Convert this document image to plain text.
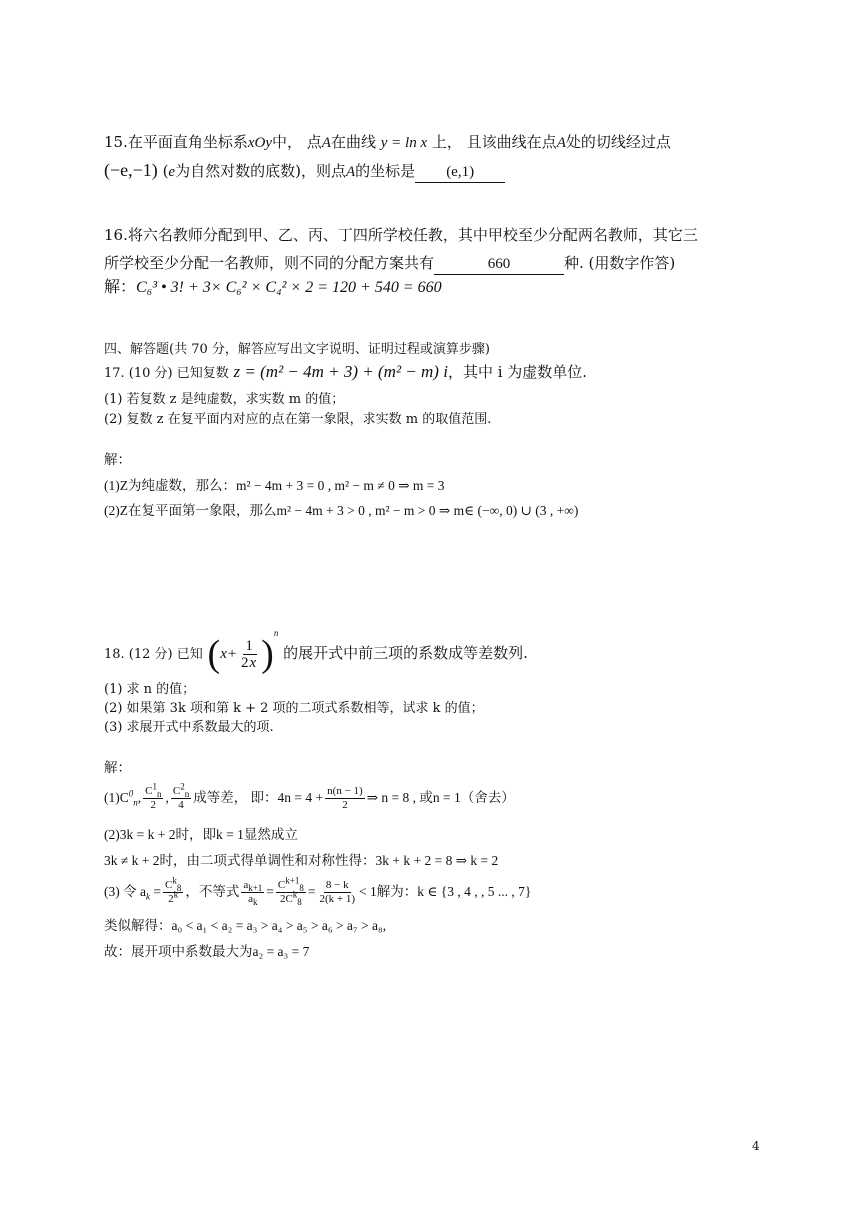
15.在平面直角坐标系xOy中， 点A在曲线 y = ln x 上， 且该曲线在点A处的切线经过点
(−e,−1) (e为自然对数的底数)，则点A的坐标是 (e,1)
16.将六名教师分配到甲、乙、丙、丁四所学校任教，其中甲校至少分配两名教师，其它三
所学校至少分配一名教师，则不同的分配方案共有	660	种. (用数字作答)
解：C₆³ • 3! + 3× C₆² × C₄² × 2 = 120 + 540 = 660
四、解答题(共 70 分，解答应写出文字说明、证明过程或演算步骤)
17. (10 分) 已知复数 z = (m² − 4m + 3) + (m² − m) i，其中 i 为虚数单位.
(1) 若复数 z 是纯虚数，求实数 m 的值；
(2) 复数 z 在复平面内对应的点在第一象限，求实数 m 的取值范围.
解：
(1)Z为纯虚数，那么：m² − 4m + 3 = 0 , m² − m ≠ 0 ⇒ m = 3
(2)Z在复平面第一象限，那么m² − 4m + 3 > 0 , m² − m > 0 ⇒ m∈ (−∞, 0) ∪ (3 , +∞)
18. (12 分) 已知 $(x+ \frac{1}{2x} )^n$ 的展开式中前三项的系数成等差数列.
(1) 求 n 的值；
(2) 如果第 3k 项和第 k + 2 项的二项式系数相等，试求 k 的值；
(3) 求展开式中系数最大的项.
解：
$(1)C^0_n$, $\frac{C^1_n}{2}$ , $\frac{C^2_n}{4}$ 成等差， 即：$4n = 4 + \frac{n(n - 1)}{2}$ ⇒ n = 8 , 或n = 1（舍去）
(2)3k = k + 2时，即k = 1显然成立
3k ≠ k + 2时，由二项式得单调性和对称性得：3k + k + 2 = 8 ⇒ k = 2
(3) 令 $a_k = \frac{C^k_8}{2^k}$ ，不等式 $\frac{a_{k+1}}{a_k} = \frac{C^{k+1}_8}{2C^k_8} = \frac{8 - k}{2(k + 1)} < 1$解为：k ∈ {3 , 4 , , 5 ... , 7}
类似解得：a₀ < a₁ < a₂ = a₃ > a₄ > a₅ > a₆ > a₇ > a₈,
故：展开项中系数最大为a₂ = a₃ = 7
4
